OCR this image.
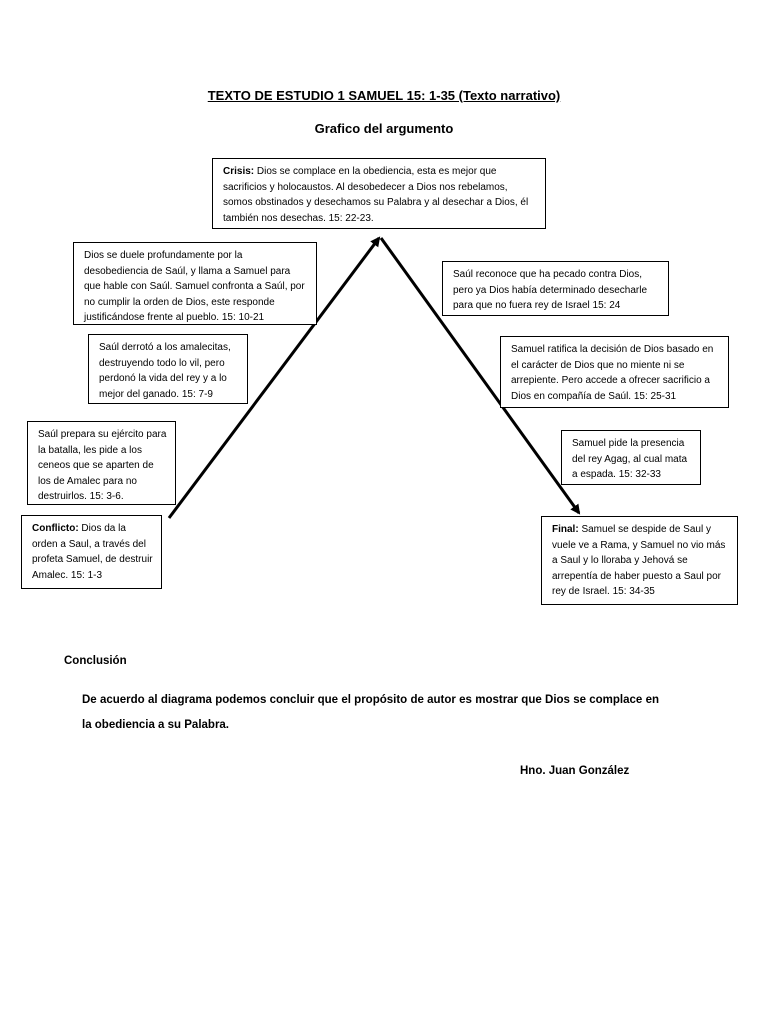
TEXTO DE ESTUDIO 1 SAMUEL 15: 1-35 (Texto narrativo)
Grafico del argumento
Crisis: Dios se complace en la obediencia, esta es mejor que sacrificios y holocaustos. Al desobedecer a Dios nos rebelamos, somos obstinados y desechamos su Palabra y al desechar a Dios, él también nos desechas. 15: 22-23.
Dios se duele profundamente por la desobediencia de Saúl, y llama a Samuel para que hable con Saúl. Samuel confronta a Saúl, por no cumplir la orden de Dios, este responde justificándose frente al pueblo. 15: 10-21
Saúl derrotó a los amalecitas, destruyendo todo lo vil, pero perdonó la vida del rey y a lo mejor del ganado. 15: 7-9
Saúl prepara su ejército para la batalla, les pide a los ceneos que se aparten de los de Amalec para no destruirlos. 15: 3-6.
Conflicto: Dios da la orden a Saul, a través del profeta Samuel, de destruir Amalec. 15: 1-3
Saúl reconoce que ha pecado contra Dios, pero ya Dios había determinado desecharle para que no fuera rey de Israel 15: 24
Samuel ratifica la decisión de Dios basado en el carácter de Dios que no miente ni se arrepiente. Pero accede a ofrecer sacrificio a Dios en compañía de Saúl. 15: 25-31
Samuel pide la presencia del rey Agag, al cual mata a espada. 15: 32-33
Final: Samuel se despide de Saul y vuele ve a Rama, y Samuel no vio más a Saul y lo lloraba y Jehová se arrepentía de haber puesto a Saul por rey de Israel. 15: 34-35
Conclusión
De acuerdo al diagrama podemos concluir que el propósito de autor es mostrar que Dios se complace en la obediencia a su Palabra.
Hno. Juan González
